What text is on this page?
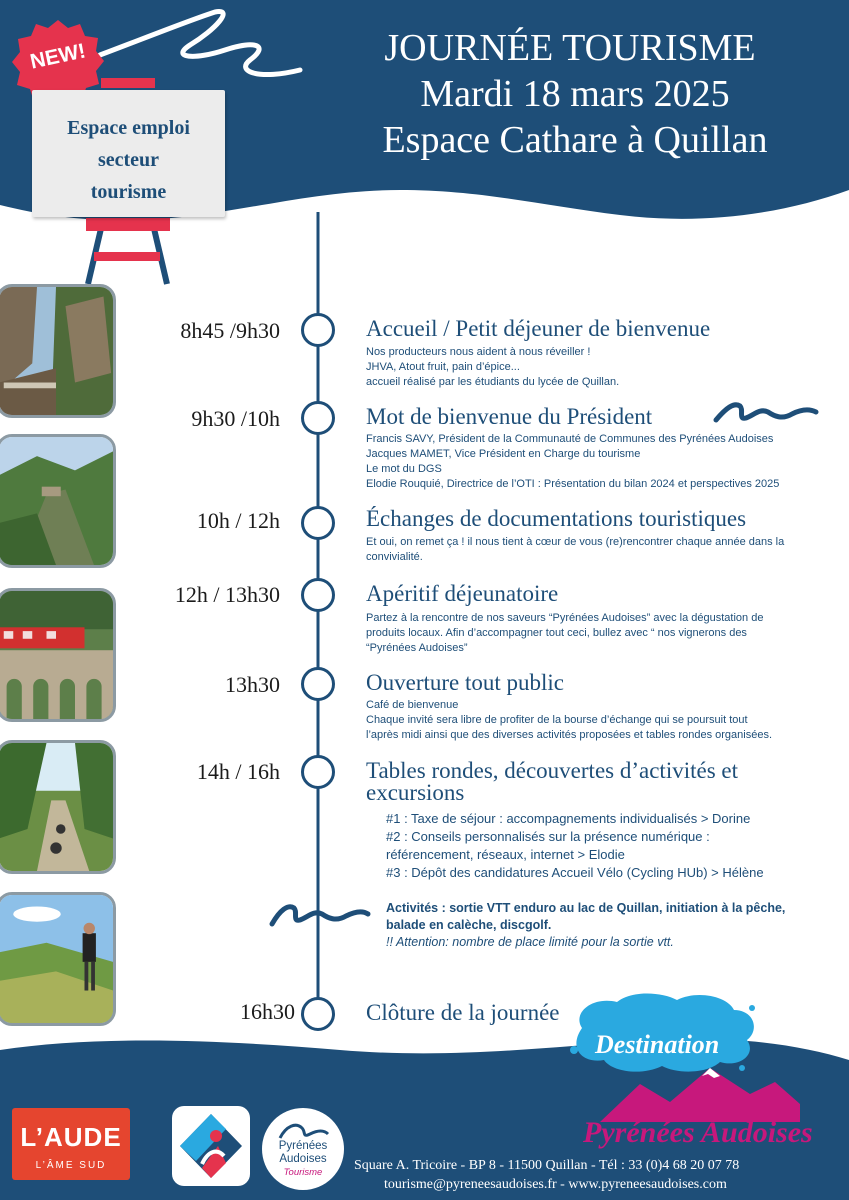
NEW!
Espace emploi
secteur
tourisme
JOURNÉE TOURISME
Mardi 18 mars 2025
Espace Cathare à Quillan
8h45 /9h30
9h30 /10h
10h / 12h
12h / 13h30
13h30
14h / 16h
16h30
Accueil / Petit déjeuner de bienvenue
Nos producteurs nous aident à nous réveiller !
JHVA, Atout fruit, pain d’épice...
accueil réalisé par les étudiants du lycée de Quillan.
Mot de bienvenue du Président
Francis SAVY, Président de la Communauté de Communes des Pyrénées Audoises
Jacques MAMET, Vice Président en Charge du tourisme
Le mot du DGS
Elodie Rouquié, Directrice de l’OTI : Présentation du bilan 2024 et perspectives 2025
Échanges de documentations touristiques
Et oui, on remet ça ! il nous tient à cœur de vous (re)rencontrer chaque année dans la
convivialité.
Apéritif déjeunatoire
Partez à la rencontre de nos saveurs “Pyrénées Audoises” avec la dégustation de
produits locaux. Afin d’accompagner tout ceci, bullez avec “ nos vignerons des
“Pyrénées Audoises”
Ouverture tout public
Café de bienvenue
Chaque invité sera libre de profiter de la bourse d’échange qui se poursuit tout
l’après midi ainsi que des diverses activités proposées et tables rondes organisées.
Tables rondes, découvertes d’activités et
excursions
#1 : Taxe de séjour : accompagnements individualisés > Dorine
#2 : Conseils personnalisés sur la présence numérique :
référencement, réseaux, internet > Elodie
#3 : Dépôt des candidatures Accueil Vélo (Cycling HUb) > Hélène
Activités : sortie VTT enduro au lac de Quillan, initiation à la pêche,
balade en calèche, discgolf.
!! Attention: nombre de place limité pour la sortie vtt.
Clôture de la journée
Destination
Pyrénées Audoises
L’AUDE
L’ÂME SUD
Pyrénées
Audoises
Tourisme	Square A. Tricoire - BP 8 - 11500 Quillan - Tél : 33 (0)4 68 20 07 78
tourisme@pyreneesaudoises.fr - www.pyreneesaudoises.com
